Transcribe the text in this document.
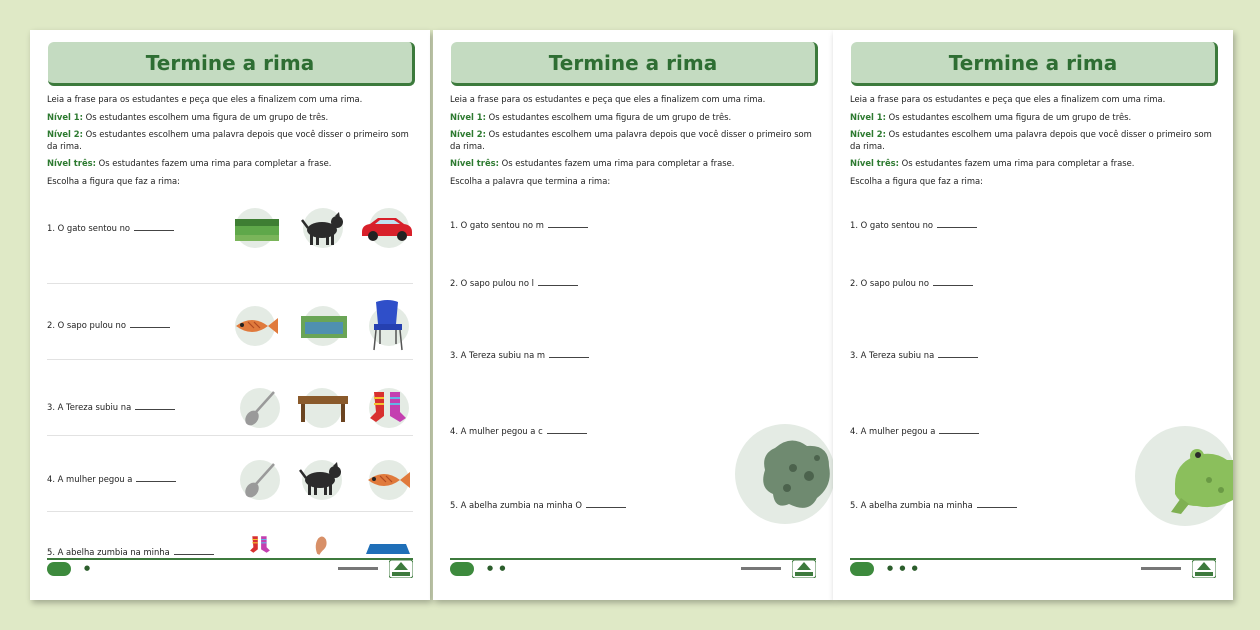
Termine a rima

Leia a frase para os estudantes e peça que eles a finalizem com uma rima.

Nível 1: Os estudantes escolhem uma figura de um grupo de três.

Nível 2: Os estudantes escolhem uma palavra depois que você disser o primeiro som da rima.

Nível três: Os estudantes fazem uma rima para completar a frase.

Escolha a figura que faz a rima:

1. O gato sentou no
2. O sapo pulou no
3. A Tereza subiu na
4. A mulher pegou a
5. A abelha zumbia na minha
●
Termine a rima

Leia a frase para os estudantes e peça que eles a finalizem com uma rima.

Nível 1: Os estudantes escolhem uma figura de um grupo de três.

Nível 2: Os estudantes escolhem uma palavra depois que você disser o primeiro som da rima.

Nível três: Os estudantes fazem uma rima para completar a frase.

Escolha a palavra que termina a rima:

1. O gato sentou no m
2. O sapo pulou no l
3. A Tereza subiu na m
4. A mulher pegou a c
5. A abelha zumbia na minha O
● ●
Termine a rima

Leia a frase para os estudantes e peça que eles a finalizem com uma rima.

Nível 1: Os estudantes escolhem uma figura de um grupo de três.

Nível 2: Os estudantes escolhem uma palavra depois que você disser o primeiro som da rima.

Nível três: Os estudantes fazem uma rima para completar a frase.

Escolha a figura que faz a rima:

1. O gato sentou no
2. O sapo pulou no
3. A Tereza subiu na
4. A mulher pegou a
5. A abelha zumbia na minha
● ● ●
